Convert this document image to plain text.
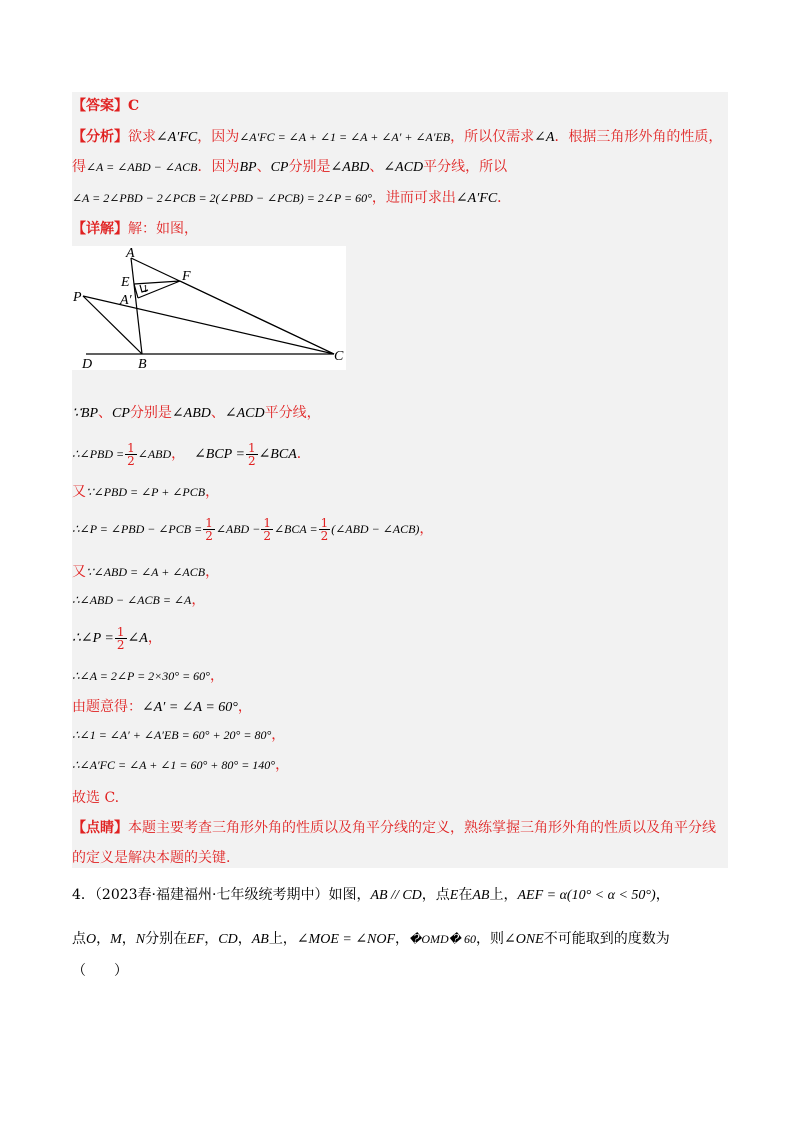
【答案】C
【分析】欲求∠A′FC，因为∠A′FC = ∠A + ∠1 = ∠A + ∠A′ + ∠A′EB，所以仅需求∠A．根据三角形外角的性质，
得∠A = ∠ABD − ∠ACB．因为BP、CP分别是∠ABD、∠ACD平分线，所以
∠A = 2∠PBD − 2∠PCB = 2(∠PBD − ∠PCB) = 2∠P = 60°，进而可求出∠A′FC．
【详解】解：如图，
A
E	F
A′
P
D	B
C
1
∵BP、CP分别是∠ABD、∠ACD平分线，
∴∠PBD = $\frac{1}{2}$ ∠ABD， ∠BCP = $\frac{1}{2}$ ∠BCA．
又∵∠PBD = ∠P + ∠PCB，
∴∠P = ∠PBD − ∠PCB = $\frac{1}{2}$ ∠ABD − $\frac{1}{2}$ ∠BCA = $\frac{1}{2}$ (∠ABD − ∠ACB)，
又∵∠ABD = ∠A + ∠ACB，
∴∠ABD − ∠ACB = ∠A，
∴∠P = $\frac{1}{2}$ ∠A，
∴∠A = 2∠P = 2×30° = 60°，
由题意得：∠A′ = ∠A = 60°，
∴∠1 = ∠A′ + ∠A′EB = 60° + 20° = 80°，
∴∠A′FC = ∠A + ∠1 = 60° + 80° = 140°，
故选 C.
【点睛】本题主要考查三角形外角的性质以及角平分线的定义，熟练掌握三角形外角的性质以及角平分线
的定义是解决本题的关键.
4．（2023春·福建福州·七年级统考期中）如图，AB // CD，点E在AB上，AEF = α(10° < α < 50°)，
点O，M，N分别在EF，CD，AB上，∠MOE = ∠NOF，�OMD� 60，则∠ONE不可能取到的度数为
（　　）
